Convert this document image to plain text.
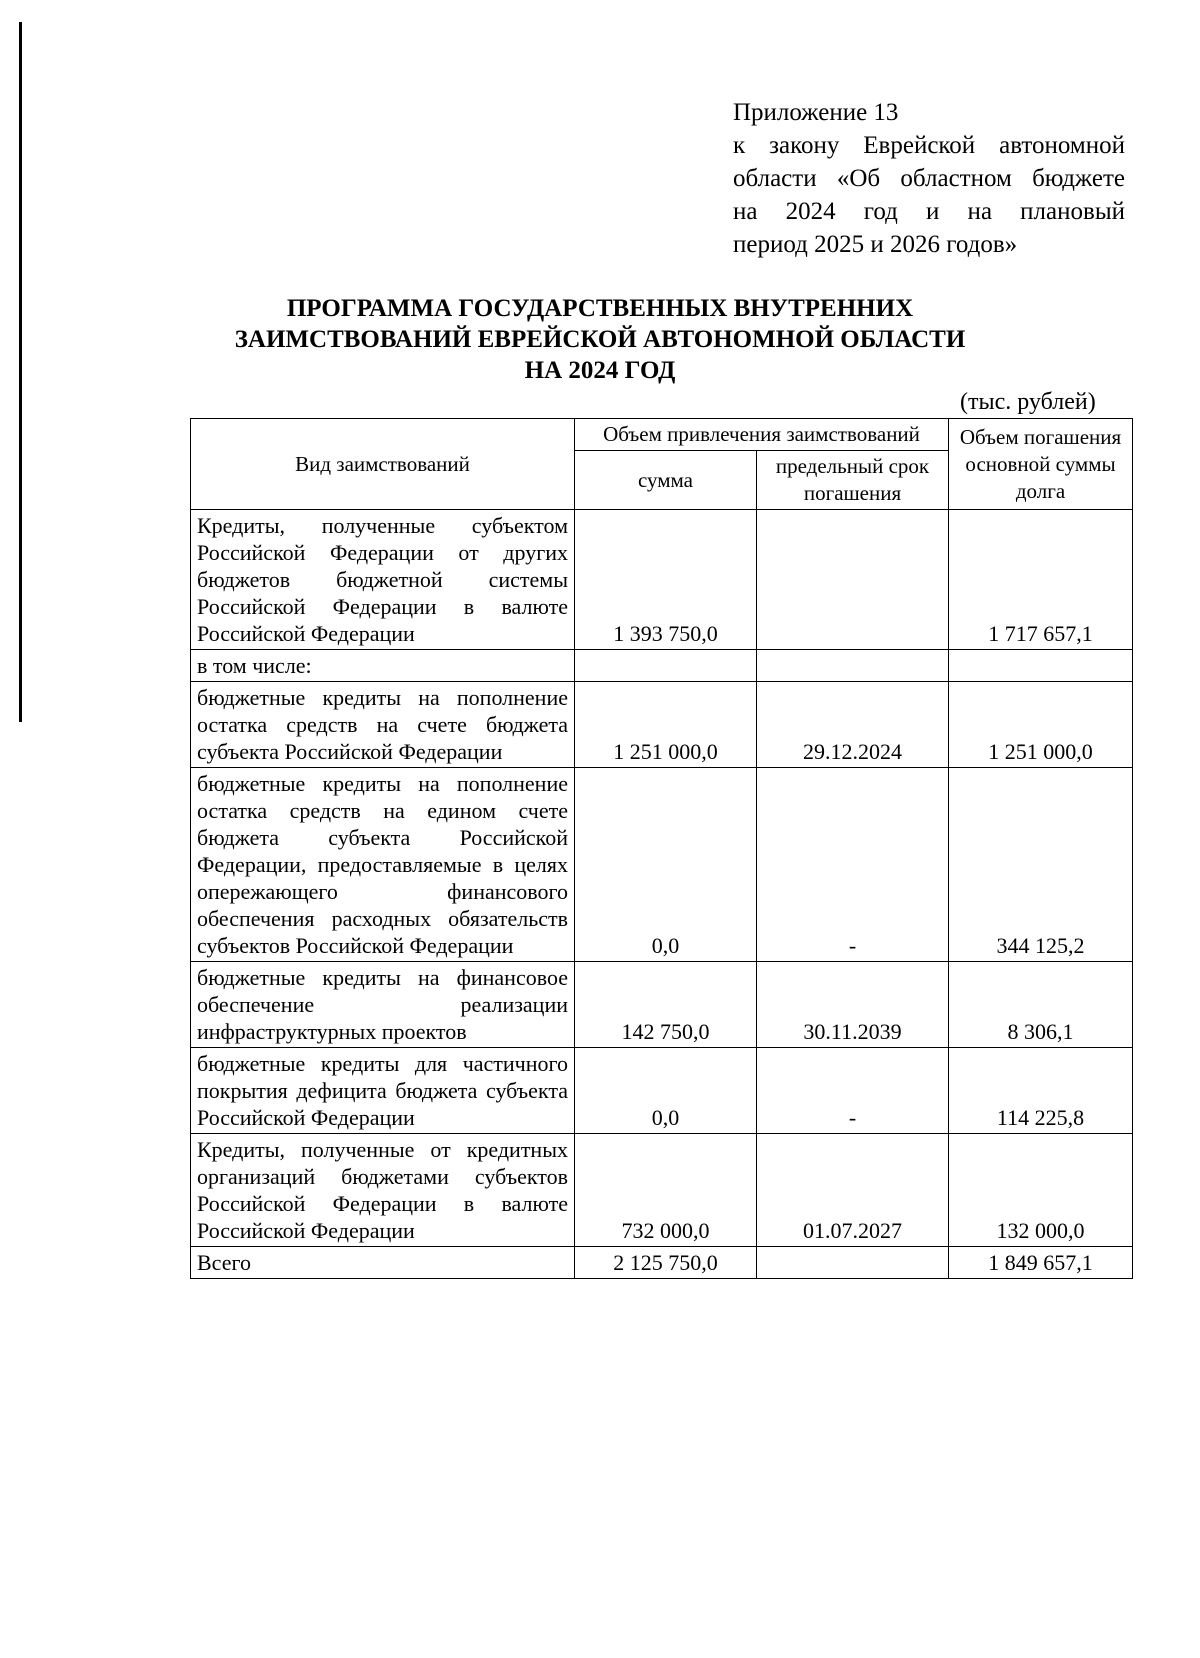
Приложение 13
к закону Еврейской автономной
области «Об областном бюджете
на 2024 год и на плановый
период 2025 и 2026 годов»
ПРОГРАММА ГОСУДАРСТВЕННЫХ ВНУТРЕННИХ
ЗАИМСТВОВАНИЙ ЕВРЕЙСКОЙ АВТОНОМНОЙ ОБЛАСТИ
НА 2024 ГОД
(тыс. рублей)
Вид заимствований	Объем привлечения заимствований		Объем погашения основной суммы долга
	сумма	предельный срок погашения	
Кредиты, полученные субъектом Российской Федерации от других бюджетов бюджетной системы Российской Федерации в валюте Российской Федерации	1 393 750,0		1 717 657,1
в том числе:			
бюджетные кредиты на пополнение остатка средств на счете бюджета субъекта Российской Федерации	1 251 000,0	29.12.2024	1 251 000,0
бюджетные кредиты на пополнение остатка средств на едином счете бюджета субъекта Российской Федерации, предоставляемые в целях опережающего финансового обеспечения расходных обязательств субъектов Российской Федерации	0,0	-	344 125,2
бюджетные кредиты на финансовое обеспечение реализации инфраструктурных проектов	142 750,0	30.11.2039	8 306,1
бюджетные кредиты для частичного покрытия дефицита бюджета субъекта Российской Федерации	0,0	-	114 225,8
Кредиты, полученные от кредитных организаций бюджетами субъектов Российской Федерации в валюте Российской Федерации	732 000,0	01.07.2027	132 000,0
Всего	2 125 750,0		1 849 657,1
